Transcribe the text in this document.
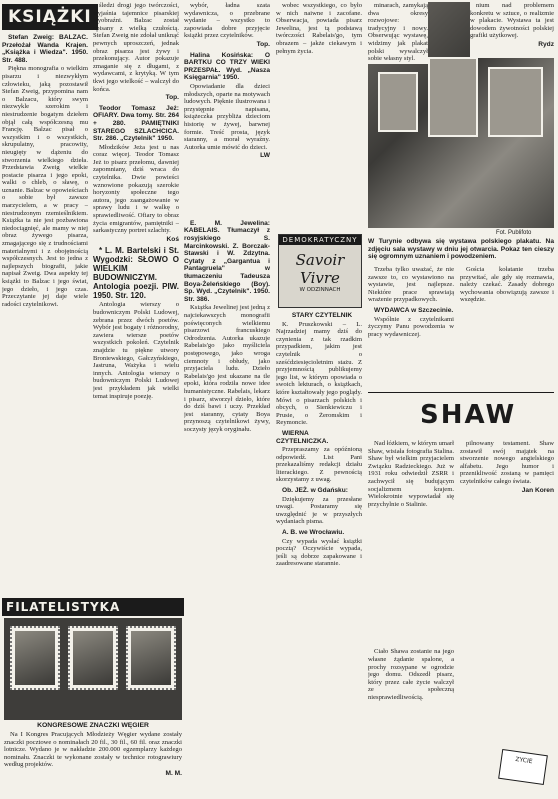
KSIĄŻKI

Stefan Zweig: BALZAC. Przełożał Wanda Krajen. „Książka i Wiedza". 1950. Str. 488.

Piękna monografia o wielkim pisarzu i niezwykłym człowieku, jaką pozostawił Stefan Zweig, przypomina nam o Balzacu, który swym niezwykle szerokim i niestrudzenie bogatym dziełem objął całą współczesną mu Francję. Balzac pisał o wszystkim i o wszystkich, skrupulatny, pracowity, nieugięty w dążeniu do stworzenia wielkiego dzieła. Przedstawia Zweig wielkie postacie pisarza i jego epoki, walki o chleb, o sławę, o uznanie. Balzac w opowieściach o sobie był zawsze marzycielem, a w pracy – niestrudzonym rzemieślnikiem. Książka ta nie jest pozbawiona niedociągnięć, ale mamy w niej obraz żywego pisarza, zmagającego się z trudnościami materialnymi i z obojętnością współczesnych. Jest to jedna z najlepszych biografii, jakie napisał Zweig. Dwa aspekty tej książki to Balzac i jego świat, jego dzieło, i jego czas. Przeczytanie jej daje wiele radości czytelnikowi.

śledzi drogi jego twórczości, wyjaśnia tajemnice pisarskiej wyobraźni. Balzac został opisany z wielką czułością. Stefan Zweig nie zdołał uniknąć pewnych uproszczeń, jednak obraz pisarza jest żywy i przekonujący. Autor pokazuje zmaganie się z długami, z wydawcami, z krytyką. W tym tkwi jego wielkość – walczył do końca.

Top.

Teodor Tomasz Jeż: OFIARY. Dwa tomy. Str. 264 + 280. PAMIĘTNIKI STAREGO SZLACHCICA. Str. 286. „Czytelnik" 1950.

Młodzików Jeża jest u nas coraz więcej. Teodor Tomasz Jeż to pisarz przełomu, dawniej zapomniany, dziś wraca do czytelnika. Dwie powieści wznowione pokazują szerokie horyzonty społeczne tego autora, jego zaangażowanie w sprawy ludu i w walkę o sprawiedliwość. Ofiary to obraz życia emigrantów, pamiętniki – sarkastyczny portret szlachty.

Koś

* L. M. Bartelski i St. Wygodzki: SŁOWO O WIELKIM BUDOWNICZYM. Antologia poezji. PIW. 1950. Str. 120.

Antologia wierszy o budowniczym Polski Ludowej, zebrana przez dwóch poetów. Wybór jest bogaty i różnorodny, zawiera wiersze poetów wszystkich pokoleń. Czytelnik znajdzie tu piękne utwory Broniewskiego, Gałczyńskiego, Jastruna, Ważyka i wielu innych. Antologia wierszy o budowniczym Polski Ludowej jest przykładem jak wielki temat inspiruje poezję.

wybór, ładna szata wydawnicza, o przebrane wydanie – wszystko to zapowiada dobre przyjęcie książki przez czytelników.

Top.

Halina Kosińska: O BARTKU CO TRZY WIEKI PRZESPAŁ. Wyd. „Nasza Księgarnia" 1950.

Opowiadanie dla dzieci młodszych, oparte na motywach ludowych. Pięknie ilustrowana i przystępnie napisana, książeczka przybliża dzieciom historię w żywej, barwnej formie. Treść prosta, język staranny, a morał wyraźny. Autorka umie mówić do dzieci.

LW

E. M. Jewelina: KABELAIS. Tłumaczył z rosyjskiego S. Marcinkowski. Z. Borczak-Stawski i W. Zdzytna. Cytaty z „Gargantua i Pantagruela" w tłumaczeniu Tadeusza Boya-Żeleńskiego (Boy). Sp. Wyd. „Czytelnik". 1950. Str. 386.

Książka Jewelinej jest jedną z najciekawszych monografii poświęconych wielkiemu pisarzowi francuskiego Odrodzenia. Autorka ukazuje Rabelais'go jako myśliciela postępowego, jako wroga ciemnoty i obłudy, jako przyjaciela ludu. Dzieło Rabelais'go jest ukazane na tle epoki, która rodziła nowe idee humanistyczne. Rabelais, lekarz i pisarz, stworzył dzieło, które do dziś bawi i uczy. Przekład jest staranny, cytaty Boya przynoszą czytelnikowi żywy, soczysty język oryginału.

wobec wszystkiego, co było w nich naiwne i zacofane. Obserwacja, powiada pisarz Jewelina, jest tą podstawą twórczości Rabelais'go, tym obrazem – jakże ciekawym i pełnym życia.

minarach, zamykają dwa okresy rozwojowe: tradycyjny i nowy. Obserwując wystawę, widzimy jak plakat polski wywalczył sobie własny styl.

nium nad problemem konkretu w sztuce, o realizmie w plakacie. Wystawa ta jest dowodem żywotności polskiej grafiki użytkowej.

Rydz
W Turynie odbywa się wystawa polskiego plakatu. Na zdjęciu sala wystawy w dniu jej otwarcia. Pokaz ten cieszy się ogromnym uznaniem i powodzeniem.
Fot. Publifoto
DEMOKRATYCZNY
Savoir Vivre
W ODZINNACH

STARY CZYTELNIK

K. Pruszkowski – L. Najrzadziej mamy dziś do czynienia z tak rzadkim przypadkiem, jakim jest czytelnik o sześćdziesięcioletnim stażu. Z przyjemnością publikujemy jego list, w którym opowiada o swoich lekturach, o książkach, które kształtowały jego poglądy. Mówi o pisarzach polskich i obcych, o Sienkiewiczu i Prusie, o Żeromskim i Reymoncie.

WIERNA CZYTELNICZKA.

Przepraszamy za opóźnioną odpowiedź. List Pani przekazaliśmy redakcji działu literackiego. Z pewnością skorzystamy z uwag.

Ob. JEŻ. w Gdańsku:

Dziękujemy za przesłane uwagi. Postaramy się uwzględnić je w przyszłych wydaniach pisma.

A. B. we Wrocławiu.

Czy wypada wysłać książki pocztą? Oczywiście wypada, jeśli są dobrze zapakowane i zaadresowane starannie.

Trzeba tylko uważać, że nie zawsze to, co wystawiono na wystawie, jest najlepsze. Niektóre prace sprawiają wrażenie przypadkowych.

WYDAWCA w Szczecinie.

Wspólnie z czytelnikami życzymy Panu powodzenia w pracy wydawniczej.

Gościa kołatanie trzeba przywitać, ale gdy się rozmawia, należy czekać. Zasady dobrego wychowania obowiązują zawsze i wszędzie.

SHAW

Nad łóżkiem, w którym umarł Shaw, wisiała fotografia Stalina. Shaw był wielkim przyjacielem Związku Radzieckiego. Już w 1931 roku odwiedził ZSRR i zachwycił się budującym socjalizmem krajem. Wielokrotnie wypowiadał się przychylnie o Stalinie.

Ciało Shawa zostanie na jego własne żądanie spalone, a prochy rozsypane w ogrodzie jego domu. Odszedł pisarz, który przez całe życie walczył ze społeczną niesprawiedliwością.

pilnowany testament. Shaw zostawił swój majątek na stworzenie nowego angielskiego alfabetu. Jego humor i przenikliwość zostaną w pamięci czytelników całego świata.

Jan Koren
ZYCIE
FILATELISTYKA
KONGRESOWE ZNACZKI WĘGIER

Na I Kongres Pracujących Młodzieży Węgier wydane zostały znaczki pocztowe o nominałach 20 fil., 30 fil., 60 fil. oraz znaczki lotnicze. Wydano je w nakładzie 200.000 egzemplarzy każdego nominału. Znaczki te wykonane zostały w technice rotograwiury według projektów.

M. M.
